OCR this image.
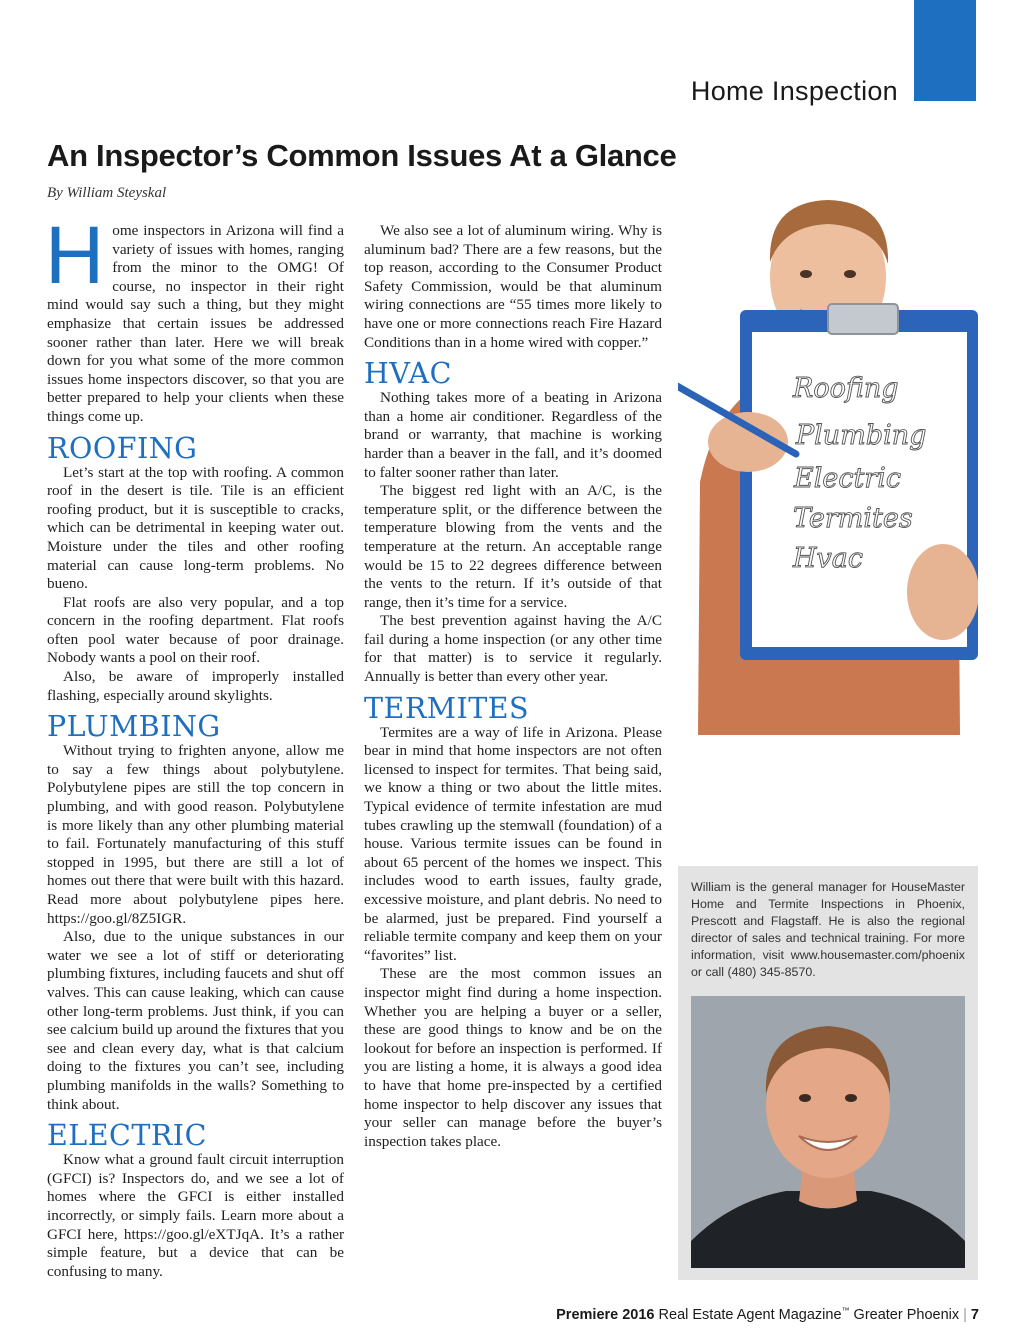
Home Inspection
An Inspector’s Common Issues At a Glance
By William Steyskal

Home inspectors in Arizona will find a variety of issues with homes, ranging from the minor to the OMG! Of course, no inspector in their right mind would say such a thing, but they might emphasize that certain issues be addressed sooner rather than later. Here we will break down for you what some of the more common issues home inspectors discover, so that you are better prepared to help your clients when these things come up.

ROOFING

Let’s start at the top with roofing. A common roof in the desert is tile. Tile is an efficient roofing product, but it is susceptible to cracks, which can be detrimental in keeping water out. Moisture under the tiles and other roofing material can cause long-term problems. No bueno.

Flat roofs are also very popular, and a top concern in the roofing department. Flat roofs often pool water because of poor drainage. Nobody wants a pool on their roof.

Also, be aware of improperly installed flashing, especially around skylights.

PLUMBING

Without trying to frighten anyone, allow me to say a few things about polybutylene. Polybutylene pipes are still the top concern in plumbing, and with good reason. Polybutylene is more likely than any other plumbing material to fail. Fortunately manufacturing of this stuff stopped in 1995, but there are still a lot of homes out there that were built with this hazard. Read more about polybutylene pipes here. https://goo.gl/8Z5IGR.

Also, due to the unique substances in our water we see a lot of stiff or deteriorating plumbing fixtures, including faucets and shut off valves. This can cause leaking, which can cause other long-term problems. Just think, if you can see calcium build up around the fixtures that you see and clean every day, what is that calcium doing to the fixtures you can’t see, including plumbing manifolds in the walls? Something to think about.

ELECTRIC

Know what a ground fault circuit interruption (GFCI) is? Inspectors do, and we see a lot of homes where the GFCI is either installed incorrectly, or simply fails. Learn more about a GFCI here, https://goo.gl/eXTJqA. It’s a rather simple feature, but a device that can be confusing to many.

We also see a lot of aluminum wiring. Why is aluminum bad? There are a few reasons, but the top reason, according to the Consumer Product Safety Commission, would be that aluminum wiring connections are “55 times more likely to have one or more connections reach Fire Hazard Conditions than in a home wired with copper.”

HVAC

Nothing takes more of a beating in Arizona than a home air conditioner. Regardless of the brand or warranty, that machine is working harder than a beaver in the fall, and it’s doomed to falter sooner rather than later.

The biggest red light with an A/C, is the temperature split, or the difference between the temperature blowing from the vents and the temperature at the return. An acceptable range would be 15 to 22 degrees difference between the vents to the return. If it’s outside of that range, then it’s time for a service.

The best prevention against having the A/C fail during a home inspection (or any other time for that matter) is to service it regularly. Annually is better than every other year.

TERMITES

Termites are a way of life in Arizona. Please bear in mind that home inspectors are not often licensed to inspect for termites. That being said, we know a thing or two about the little mites. Typical evidence of termite infestation are mud tubes crawling up the stemwall (foundation) of a house. Various termite issues can be found in about 65 percent of the homes we inspect. This includes wood to earth issues, faulty grade, excessive moisture, and plant debris. No need to be alarmed, just be prepared. Find yourself a reliable termite company and keep them on your “favorites” list.

These are the most common issues an inspector might find during a home inspection. Whether you are helping a buyer or a seller, these are good things to know and be on the lookout for before an inspection is performed. If you are listing a home, it is always a good idea to have that home pre-inspected by a certified home inspector to help discover any issues that your seller can manage before the buyer’s inspection takes place.

Roofing
Plumbing
Electric
Termites
Hvac

William is the general manager for HouseMaster Home and Termite Inspections in Phoenix, Prescott and Flagstaff. He is also the regional director of sales and technical training. For more information, visit www.housemaster.com/phoenix or call (480) 345-8570.
Premiere 2016 Real Estate Agent Magazine™ Greater Phoenix | 7
